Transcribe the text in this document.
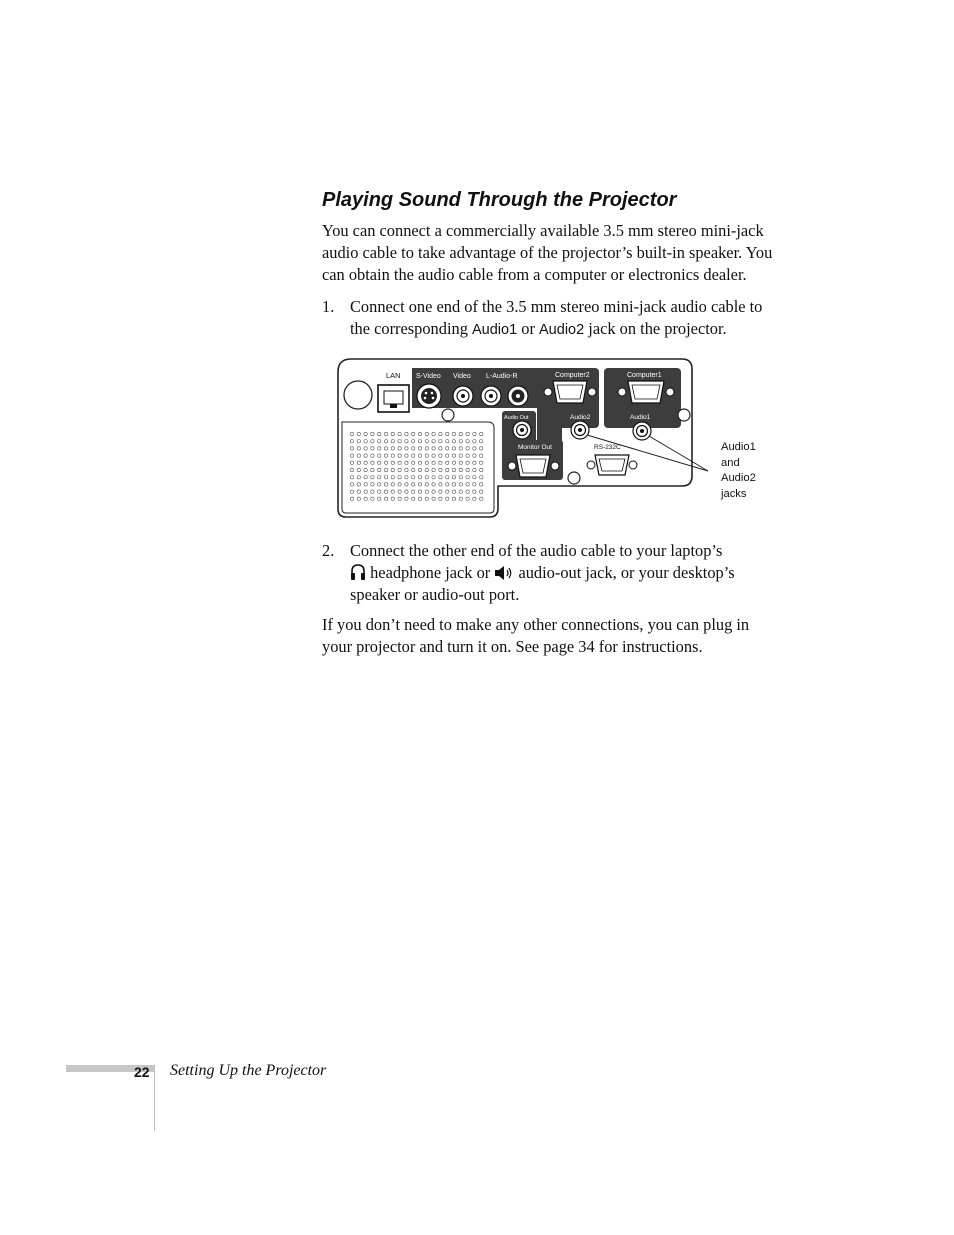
Playing Sound Through the Projector
You can connect a commercially available 3.5 mm stereo mini-jack
audio cable to take advantage of the projector’s built-in speaker. You
can obtain the audio cable from a computer or electronics dealer.
1. Connect one end of the 3.5 mm stereo mini-jack audio cable to
the corresponding Audio1 or Audio2 jack on the projector.
LAN S-Video Video L-Audio-R	Computer2
Audio2
Computer1
Audio1
Audio Out
Monitor Out	RS-232C	Audio1
and
Audio2
jacks
2. Connect the other end of the audio cable to your laptop’s
headphone jack or  audio-out jack, or your desktop’s
speaker or audio-out port.
If you don’t need to make any other connections, you can plug in
your projector and turn it on. See page 34 for instructions.
22 Setting Up the Projector
